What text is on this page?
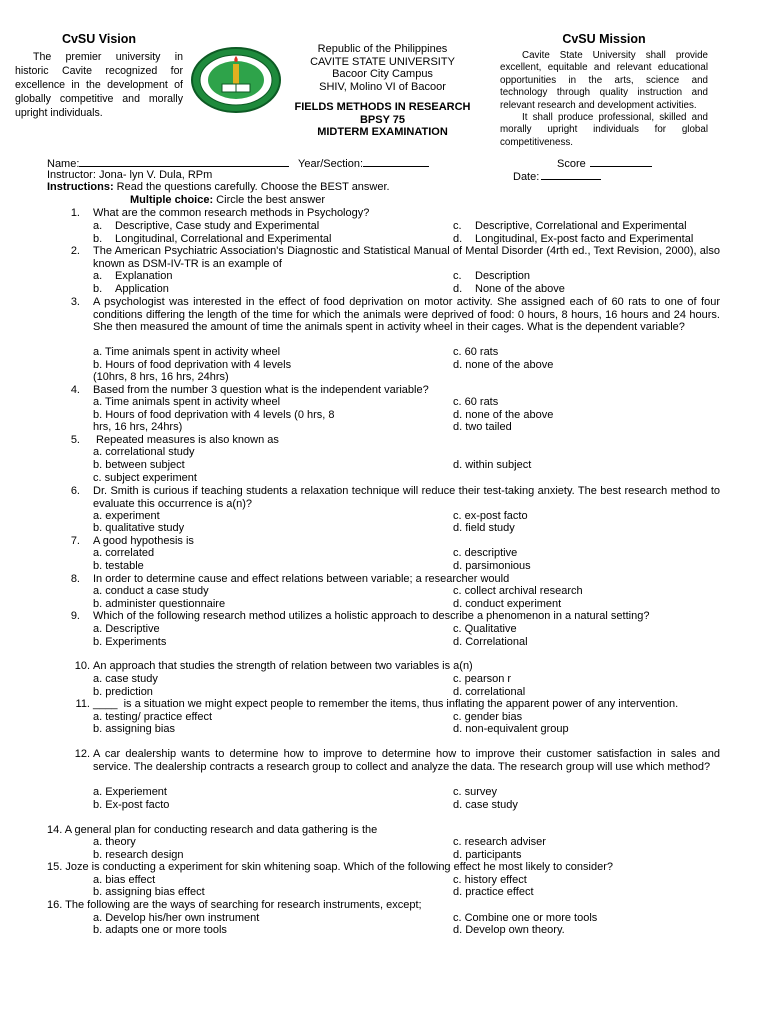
CvSU Vision

The premier university in historic Cavite recognized for excellence in the development of globally competitive and morally upright individuals.

Republic of the Philippines
CAVITE STATE UNIVERSITY
Bacoor City Campus
SHIV, Molino VI of Bacoor
FIELDS METHODS IN RESEARCH
BPSY 75
MIDTERM EXAMINATION
CvSU Mission

Cavite State University shall provide excellent, equitable and relevant educational opportunities in the arts, science and technology through quality instruction and relevant research and development activities.

It shall produce professional, skilled and morally upright individuals for global competitiveness.

Name:	Year/Section:	Score
Instructor: Jona- lyn V. Dula, RPm	Date:
Instructions: Read the questions carefully. Choose the BEST answer.
Multiple choice: Circle the best answer
1. What are the common research methods in Psychology?
a. Descriptive, Case study and Experimental
b. Longitudinal, Correlational and Experimental
c. Descriptive, Correlational and Experimental
d. Longitudinal, Ex-post facto and Experimental
2. The American Psychiatric Association's Diagnostic and Statistical Manual of Mental Disorder (4rth ed., Text Revision, 2000), also known as DSM-IV-TR is an example of
a. Explanation
b. Application
c. Description
d. None of the above
3. A psychologist was interested in the effect of food deprivation on motor activity. She assigned each of 60 rats to one of four conditions differing the length of the time for which the animals were deprived of food: 0 hours, 8 hours, 16 hours and 24 hours. She then measured the amount of time the animals spent in activity wheel in their cages. What is the dependent variable?
a. Time animals spent in activity wheel
b. Hours of food deprivation with 4 levels
(10hrs, 8 hrs, 16 hrs, 24hrs)
c. 60 rats
d. none of the above
4. Based from the number 3 question what is the independent variable?
a. Time animals spent in activity wheel
b. Hours of food deprivation with 4 levels (0 hrs, 8
hrs, 16 hrs, 24hrs)
c. 60 rats
d. none of the above
d. two tailed
5. Repeated measures is also known as
a. correlational study
b. between subject
c. subject experiment
d. within subject
6. Dr. Smith is curious if teaching students a relaxation technique will reduce their test-taking anxiety. The best research method to evaluate this occurrence is a(n)?
a. experiment
b. qualitative study
c. ex-post facto
d. field study
7. A good hypothesis is
a. correlated
b. testable
c. descriptive
d. parsimonious
8. In order to determine cause and effect relations between variable; a researcher would
a. conduct a case study
b. administer questionnaire
c. collect archival research
d. conduct experiment
9. Which of the following research method utilizes a holistic approach to describe a phenomenon in a natural setting?
a. Descriptive
b. Experiments
c. Qualitative
d. Correlational
10. An approach that studies the strength of relation between two variables is a(n)
a. case study
b. prediction
c. pearson r
d. correlational
11. ____  is a situation we might expect people to remember the items, thus inflating the apparent power of any intervention.
a. testing/ practice effect
b. assigning bias
c. gender bias
d. non-equivalent group
12. A car dealership wants to determine how to improve to determine how to improve their customer satisfaction in sales and service. The dealership contracts a research group to collect and analyze the data. The research group will use which method?
a. Experiement
b. Ex-post facto
c. survey
d. case study
14. A general plan for conducting research and data gathering is the
a. theory
b. research design
c. research adviser
d. participants
15. Joze is conducting a experiment for skin whitening soap. Which of the following effect he most likely to consider?
a. bias effect
b. assigning bias effect
c. history effect
d. practice effect
16. The following are the ways of searching for research instruments, except;
a. Develop his/her own instrument
b. adapts one or more tools
c. Combine one or more tools
d. Develop own theory.
